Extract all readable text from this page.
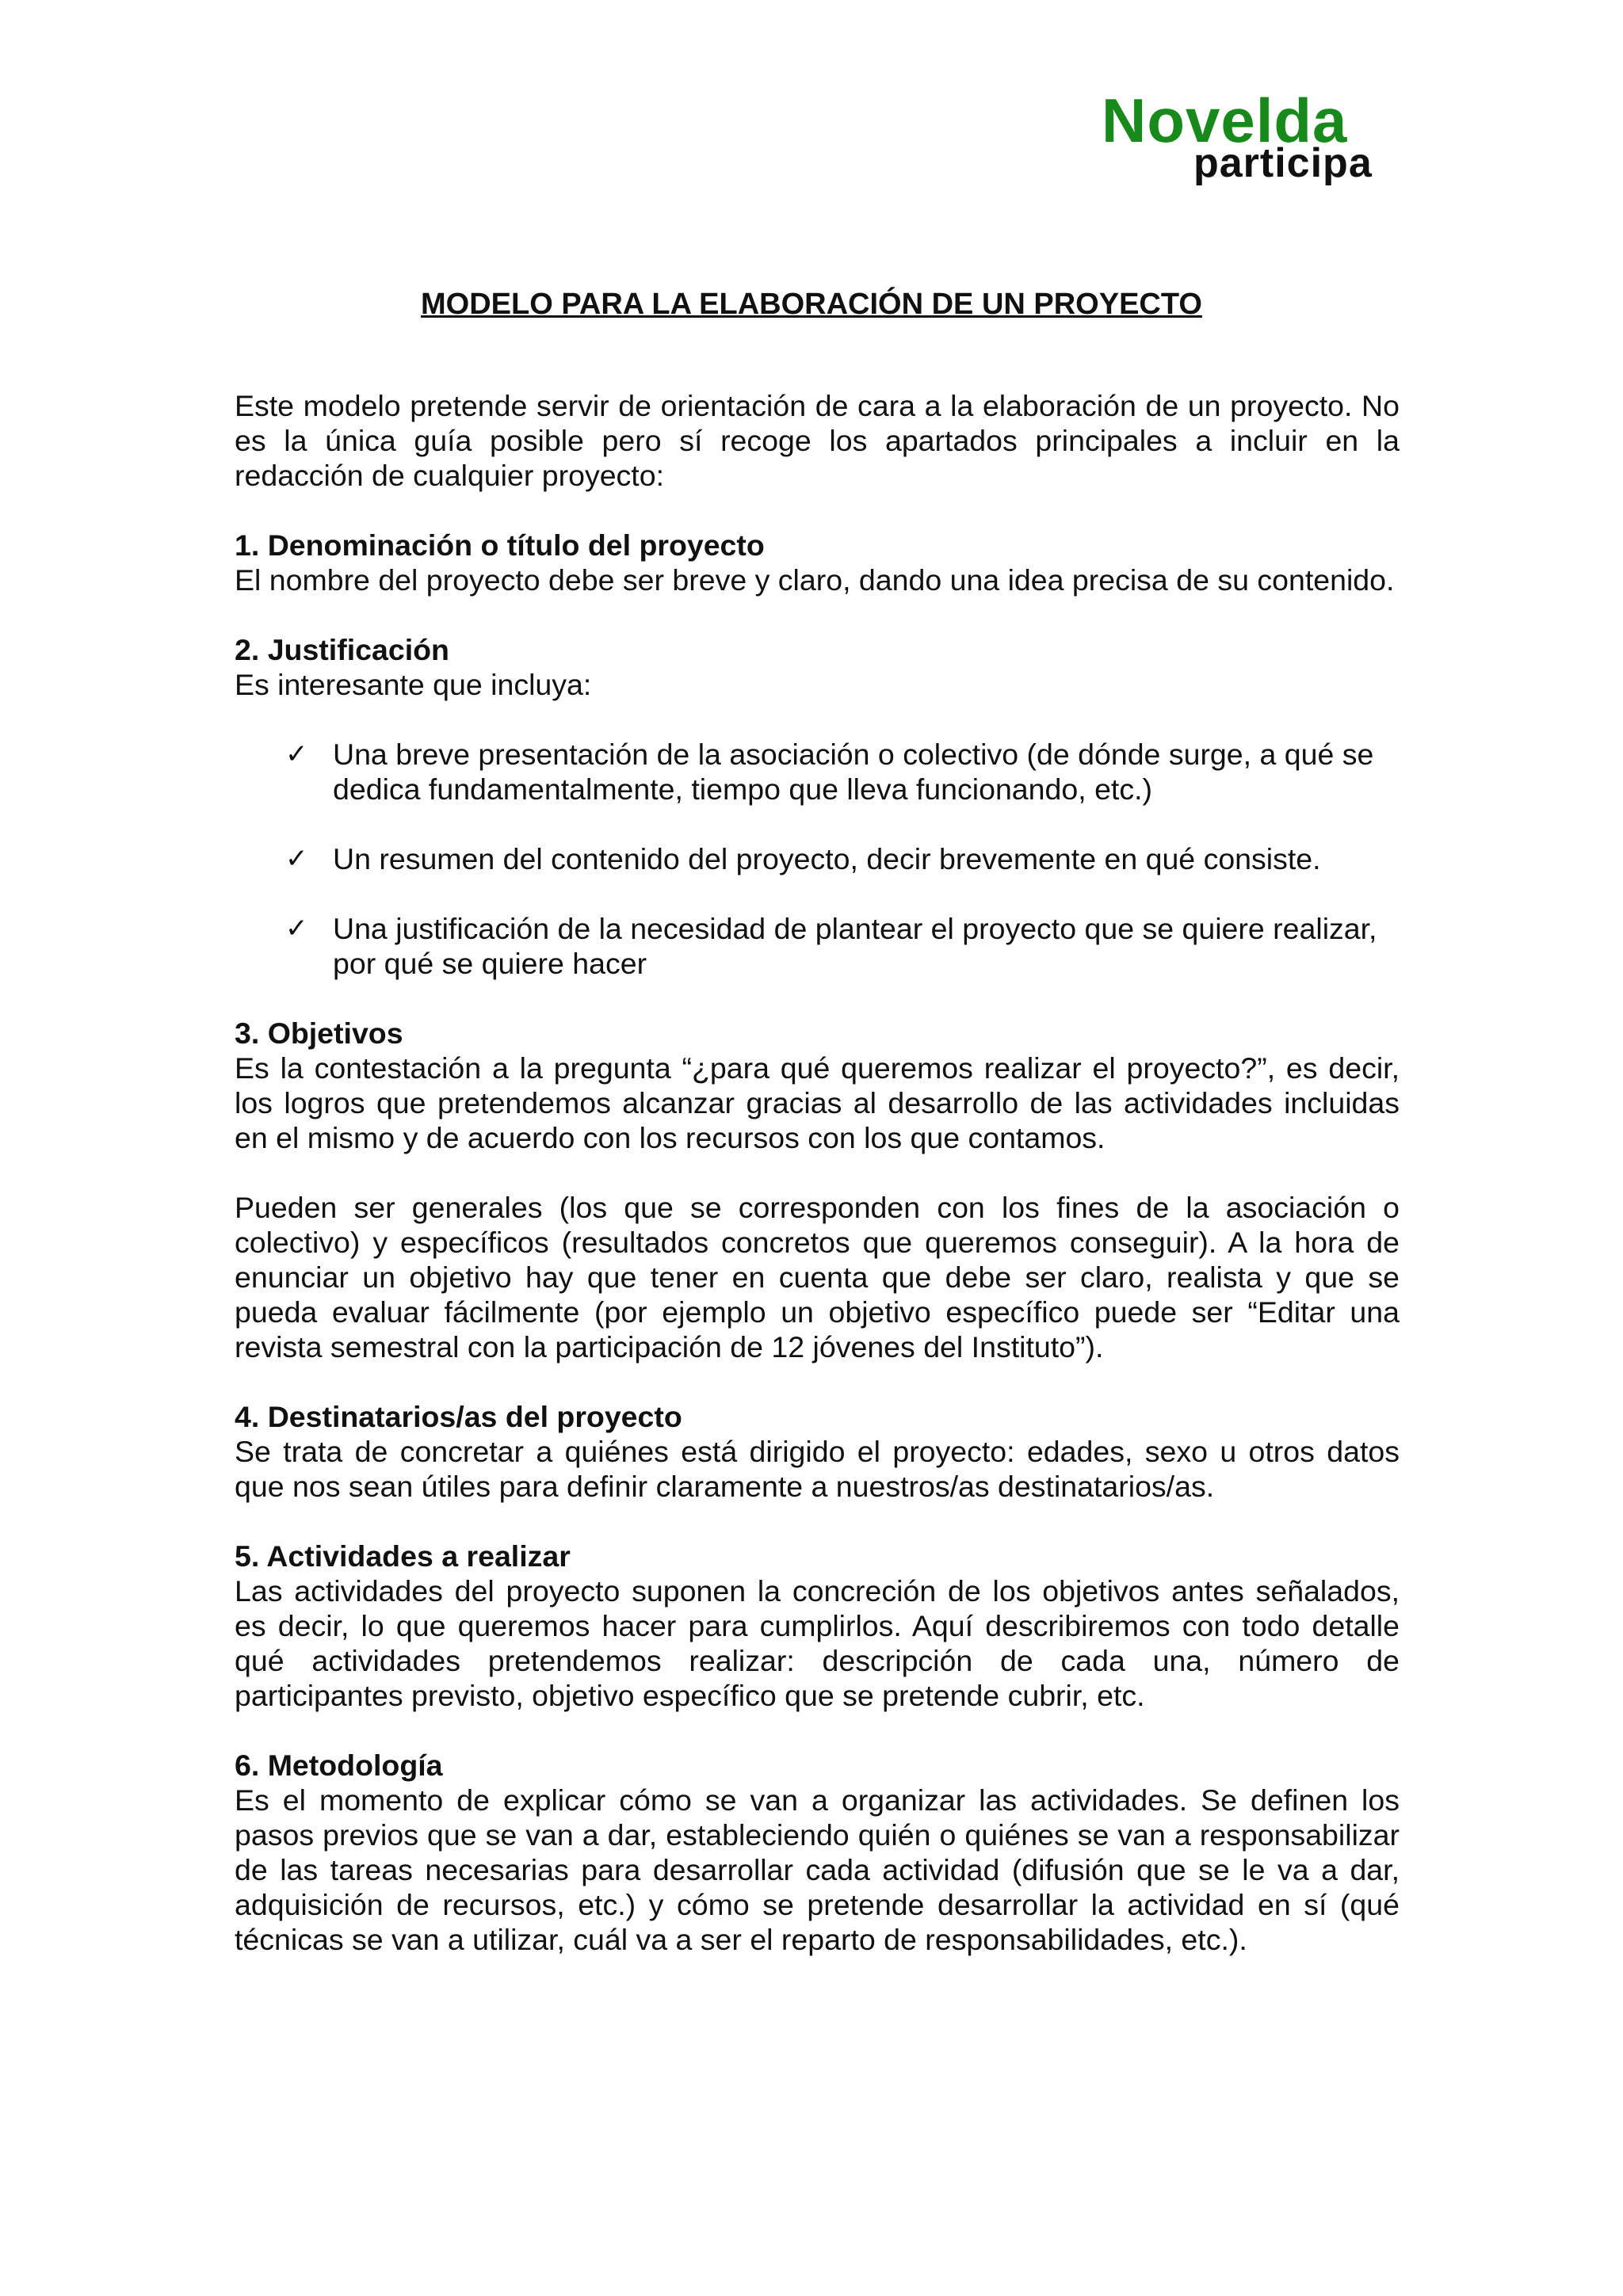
Novelda
participa
MODELO PARA LA ELABORACIÓN DE UN PROYECTO

Este modelo pretende servir de orientación de cara a la elaboración de un proyecto. No es la única guía posible pero sí recoge los apartados principales a incluir en la redacción de cualquier proyecto:

1. Denominación o título del proyecto

El nombre del proyecto debe ser breve y claro, dando una idea precisa de su contenido.

2. Justificación

Es interesante que incluya:

✓ Una breve presentación de la asociación o colectivo (de dónde surge, a qué se dedica fundamentalmente, tiempo que lleva funcionando, etc.)
✓ Un resumen del contenido del proyecto, decir brevemente en qué consiste.
✓ Una justificación de la necesidad de plantear el proyecto que se quiere realizar, por qué se quiere hacer
3. Objetivos

Es la contestación a la pregunta “¿para qué queremos realizar el proyecto?”, es decir, los logros que pretendemos alcanzar gracias al desarrollo de las actividades incluidas en el mismo y de acuerdo con los recursos con los que contamos.

Pueden ser generales (los que se corresponden con los fines de la asociación o colectivo) y específicos (resultados concretos que queremos conseguir). A la hora de enunciar un objetivo hay que tener en cuenta que debe ser claro, realista y que se pueda evaluar fácilmente (por ejemplo un objetivo específico puede ser “Editar una revista semestral con la participación de 12 jóvenes del Instituto”).

4. Destinatarios/as del proyecto

Se trata de concretar a quiénes está dirigido el proyecto: edades, sexo u otros datos que nos sean útiles para definir claramente a nuestros/as destinatarios/as.

5. Actividades a realizar

Las actividades del proyecto suponen la concreción de los objetivos antes señalados, es decir, lo que queremos hacer para cumplirlos. Aquí describiremos con todo detalle qué actividades pretendemos realizar: descripción de cada una, número de participantes previsto, objetivo específico que se pretende cubrir, etc.

6. Metodología

Es el momento de explicar cómo se van a organizar las actividades. Se definen los pasos previos que se van a dar, estableciendo quién o quiénes se van a responsabilizar de las tareas necesarias para desarrollar cada actividad (difusión que se le va a dar, adquisición de recursos, etc.) y cómo se pretende desarrollar la actividad en sí (qué técnicas se van a utilizar, cuál va a ser el reparto de responsabilidades, etc.).
